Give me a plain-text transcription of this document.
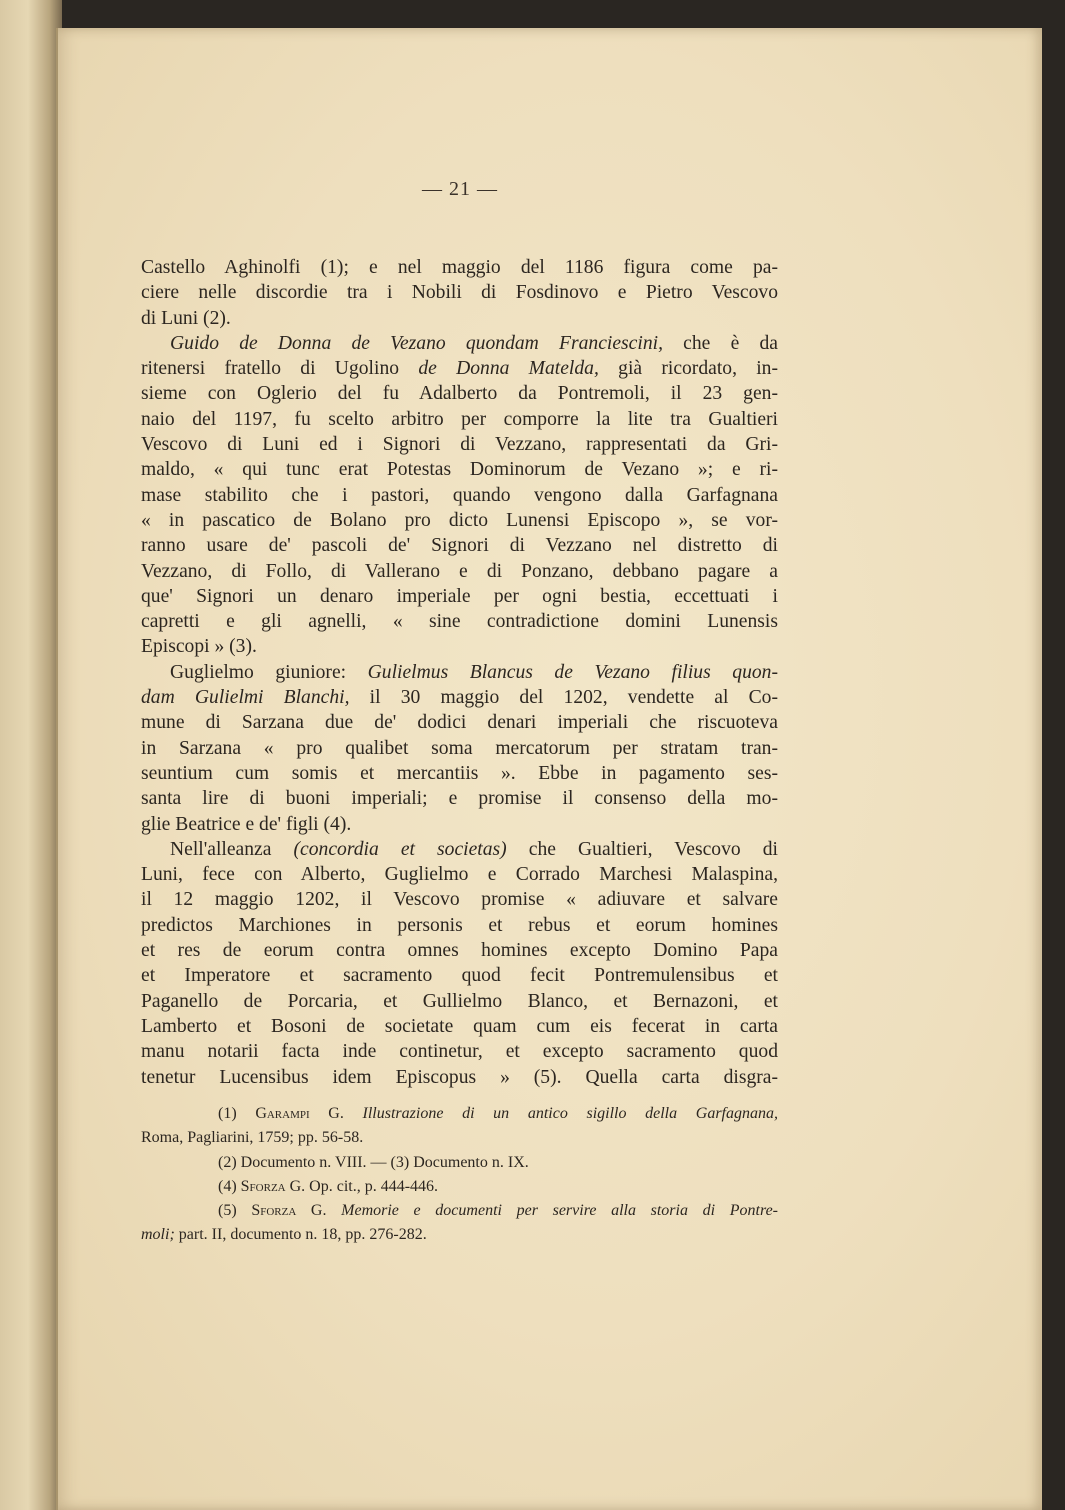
— 21 —

Castello Aghinolfi (1); e nel maggio del 1186 figura come pa-
ciere nelle discordie tra i Nobili di Fosdinovo e Pietro Vescovo
di Luni (2).

Guido de Donna de Vezano quondam Franciescini, che è da
ritenersi fratello di Ugolino de Donna Matelda, già ricordato, in-
sieme con Oglerio del fu Adalberto da Pontremoli, il 23 gen-
naio del 1197, fu scelto arbitro per comporre la lite tra Gualtieri
Vescovo di Luni ed i Signori di Vezzano, rappresentati da Gri-
maldo, « qui tunc erat Potestas Dominorum de Vezano »; e ri-
mase stabilito che i pastori, quando vengono dalla Garfagnana
« in pascatico de Bolano pro dicto Lunensi Episcopo », se vor-
ranno usare de' pascoli de' Signori di Vezzano nel distretto di
Vezzano, di Follo, di Vallerano e di Ponzano, debbano pagare a
que' Signori un denaro imperiale per ogni bestia, eccettuati i
capretti e gli agnelli, « sine contradictione domini Lunensis
Episcopi » (3).

Guglielmo giuniore: Gulielmus Blancus de Vezano filius quon-
dam Gulielmi Blanchi, il 30 maggio del 1202, vendette al Co-
mune di Sarzana due de' dodici denari imperiali che riscuoteva
in Sarzana « pro qualibet soma mercatorum per stratam tran-
seuntium cum somis et mercantiis ». Ebbe in pagamento ses-
santa lire di buoni imperiali; e promise il consenso della mo-
glie Beatrice e de' figli (4).

Nell'alleanza (concordia et societas) che Gualtieri, Vescovo di
Luni, fece con Alberto, Guglielmo e Corrado Marchesi Malaspina,
il 12 maggio 1202, il Vescovo promise « adiuvare et salvare
predictos Marchiones in personis et rebus et eorum homines
et res de eorum contra omnes homines excepto Domino Papa
et Imperatore et sacramento quod fecit Pontremulensibus et
Paganello de Porcaria, et Gullielmo Blanco, et Bernazoni, et
Lamberto et Bosoni de societate quam cum eis fecerat in carta
manu notarii facta inde continetur, et excepto sacramento quod
tenetur Lucensibus idem Episcopus » (5). Quella carta disgra-

(1) Garampi G. Illustrazione di un antico sigillo della Garfagnana,
Roma, Pagliarini, 1759; pp. 56-58.
(2) Documento n. VIII. — (3) Documento n. IX.
(4) Sforza G. Op. cit., p. 444-446.
(5) Sforza G. Memorie e documenti per servire alla storia di Pontre-
moli; part. II, documento n. 18, pp. 276-282.
